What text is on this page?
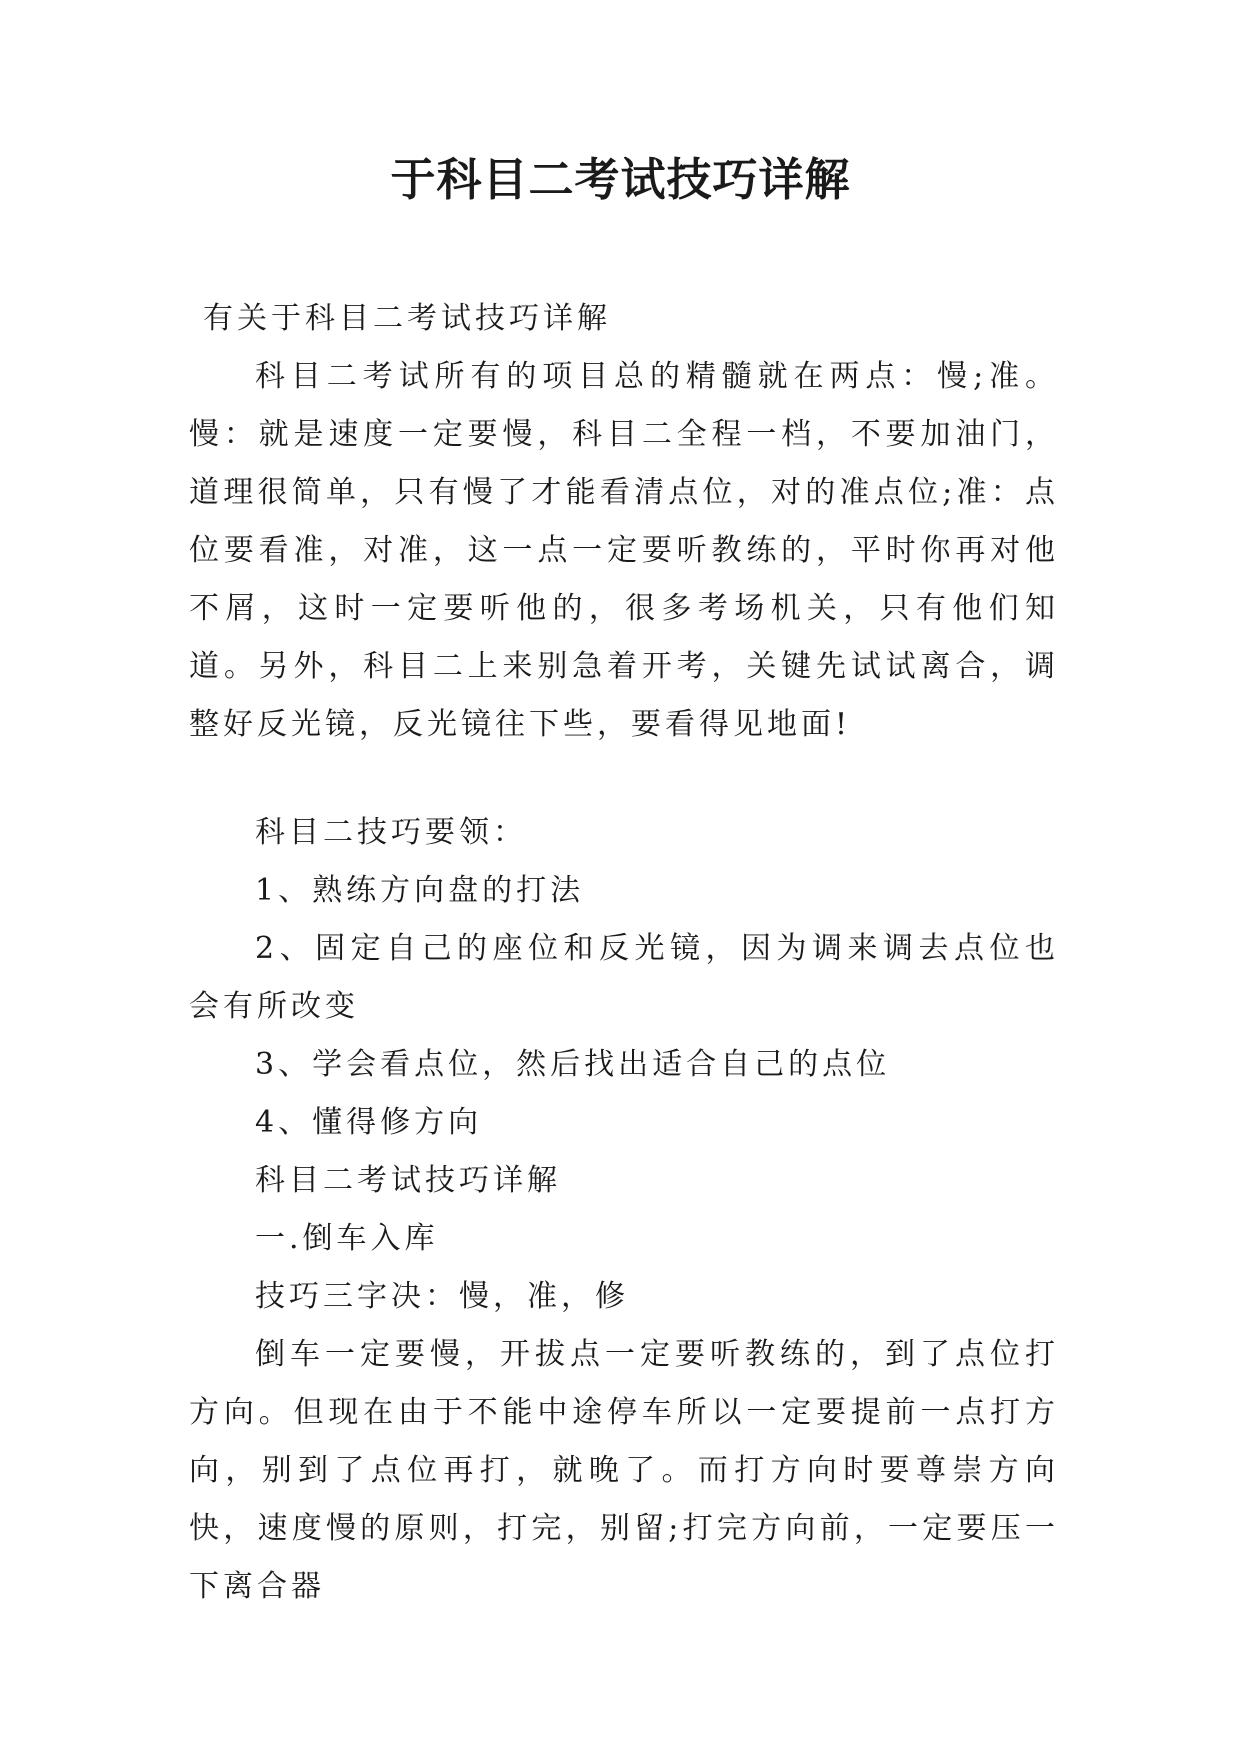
于科目二考试技巧详解

有关于科目二考试技巧详解

科目二考试所有的项目总的精髓就在两点：慢;准。慢：就是速度一定要慢，科目二全程一档，不要加油门，道理很简单，只有慢了才能看清点位，对的准点位;准：点位要看准，对准，这一点一定要听教练的，平时你再对他不屑，这时一定要听他的，很多考场机关，只有他们知道。另外，科目二上来别急着开考，关键先试试离合，调整好反光镜，反光镜往下些，要看得见地面!

科目二技巧要领：

1、熟练方向盘的打法

2、固定自己的座位和反光镜，因为调来调去点位也会有所改变

3、学会看点位，然后找出适合自己的点位

4、懂得修方向

科目二考试技巧详解

一.倒车入库

技巧三字决：慢，准，修

倒车一定要慢，开拔点一定要听教练的，到了点位打方向。但现在由于不能中途停车所以一定要提前一点打方向，别到了点位再打，就晚了。而打方向时要尊崇方向快，速度慢的原则，打完，别留;打完方向前，一定要压一下离合器
